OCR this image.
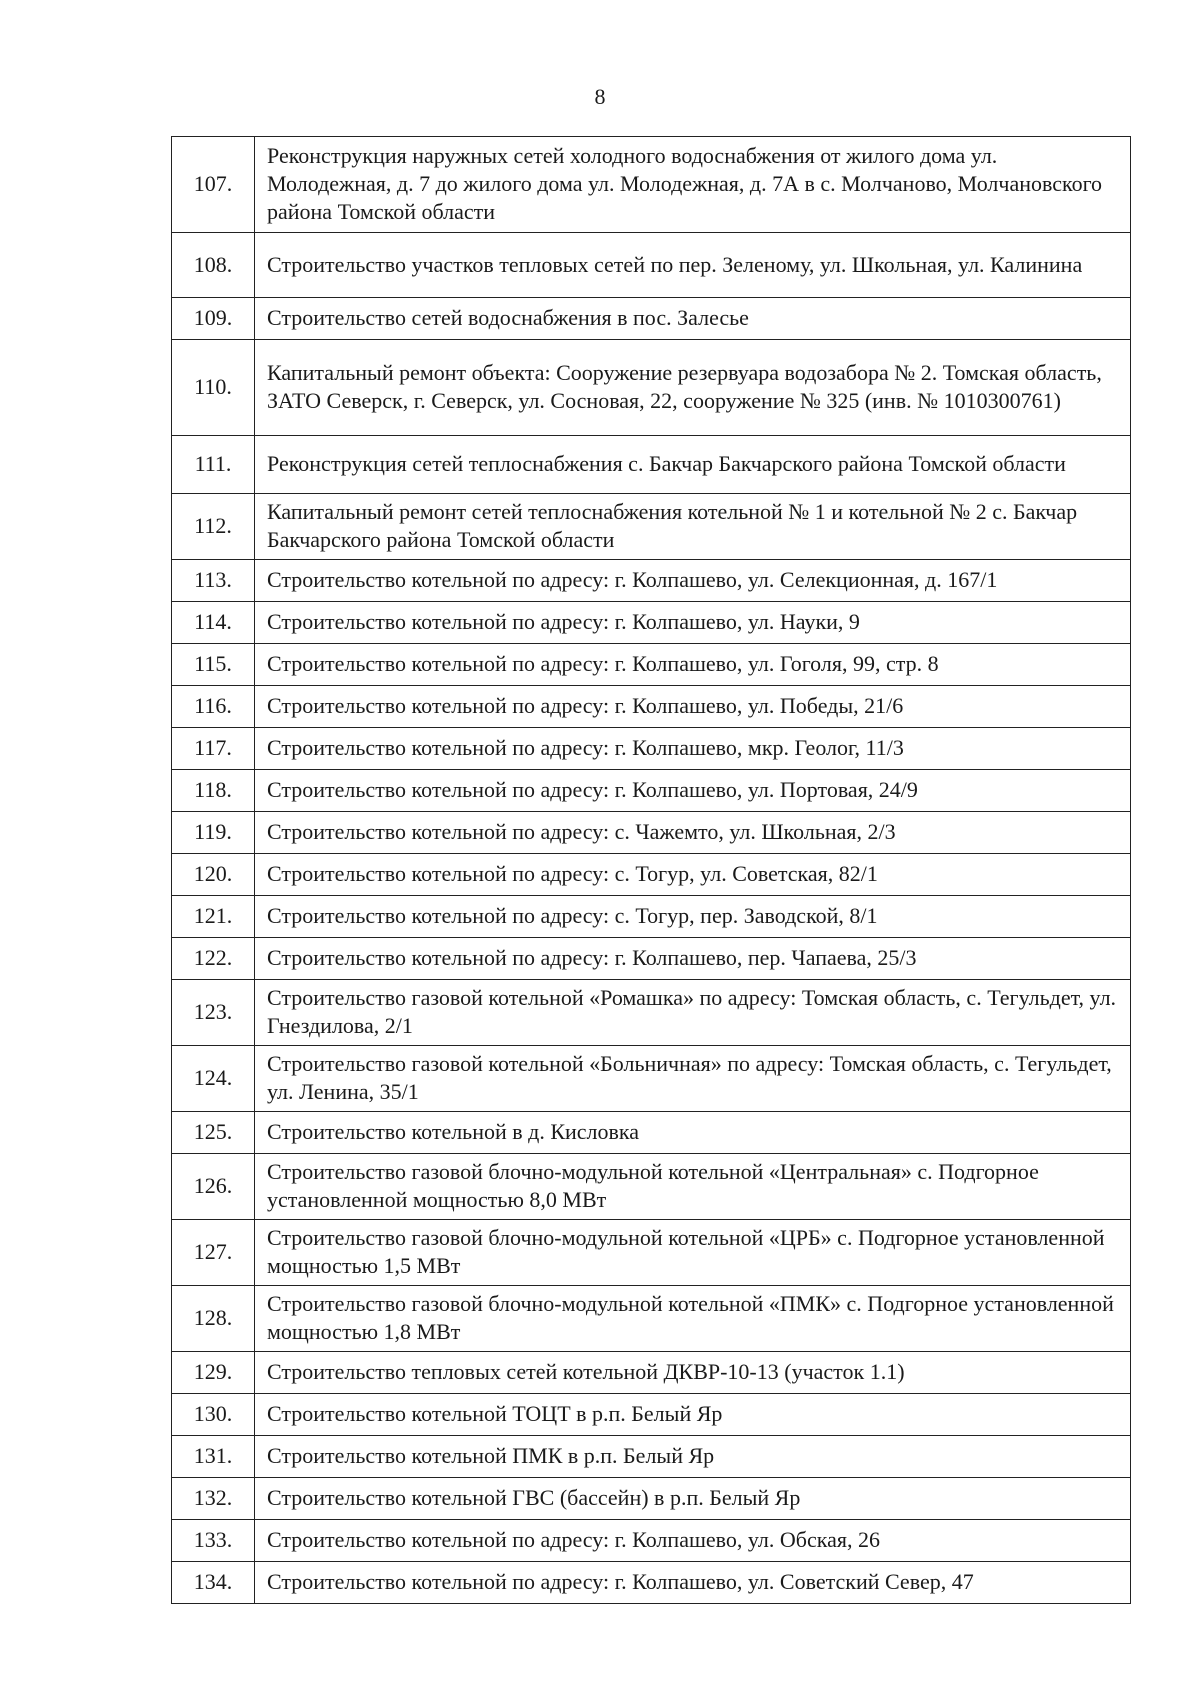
8
107.	Реконструкция наружных сетей холодного водоснабжения от жилого дома ул. Молодежная, д. 7 до жилого дома ул. Молодежная, д. 7А в с. Молчаново, Молчановского района Томской области
108.	Строительство участков тепловых сетей по пер. Зеленому, ул. Школьная, ул. Калинина
109.	Строительство сетей водоснабжения в пос. Залесье
110.	Капитальный ремонт объекта: Сооружение резервуара водозабора № 2. Томская область, ЗАТО Северск, г. Северск, ул. Сосновая, 22, сооружение № 325 (инв. № 1010300761)
111.	Реконструкция сетей теплоснабжения с. Бакчар Бакчарского района Томской области
112.	Капитальный ремонт сетей теплоснабжения котельной № 1 и котельной № 2 с. Бакчар Бакчарского района Томской области
113.	Строительство котельной по адресу: г. Колпашево, ул. Селекционная, д. 167/1
114.	Строительство котельной по адресу: г. Колпашево, ул. Науки, 9
115.	Строительство котельной по адресу: г. Колпашево, ул. Гоголя, 99, стр. 8
116.	Строительство котельной по адресу: г. Колпашево, ул. Победы, 21/6
117.	Строительство котельной по адресу: г. Колпашево, мкр. Геолог, 11/3
118.	Строительство котельной по адресу: г. Колпашево, ул. Портовая, 24/9
119.	Строительство котельной по адресу: с. Чажемто, ул. Школьная, 2/3
120.	Строительство котельной по адресу: с. Тогур, ул. Советская, 82/1
121.	Строительство котельной по адресу: с. Тогур, пер. Заводской, 8/1
122.	Строительство котельной по адресу: г. Колпашево, пер. Чапаева, 25/3
123.	Строительство газовой котельной «Ромашка» по адресу: Томская область, с. Тегульдет, ул. Гнездилова, 2/1
124.	Строительство газовой котельной «Больничная» по адресу: Томская область, с. Тегульдет, ул. Ленина, 35/1
125.	Строительство котельной в д. Кисловка
126.	Строительство газовой блочно-модульной котельной «Центральная» с. Подгорное установленной мощностью 8,0 МВт
127.	Строительство газовой блочно-модульной котельной «ЦРБ» с. Подгорное установленной мощностью 1,5 МВт
128.	Строительство газовой блочно-модульной котельной «ПМК» с. Подгорное установленной мощностью 1,8 МВт
129.	Строительство тепловых сетей котельной ДКВР-10-13 (участок 1.1)
130.	Строительство котельной ТОЦТ в р.п. Белый Яр
131.	Строительство котельной ПМК в р.п. Белый Яр
132.	Строительство котельной ГВС (бассейн) в р.п. Белый Яр
133.	Строительство котельной по адресу: г. Колпашево, ул. Обская, 26
134.	Строительство котельной по адресу: г. Колпашево, ул. Советский Север, 47
